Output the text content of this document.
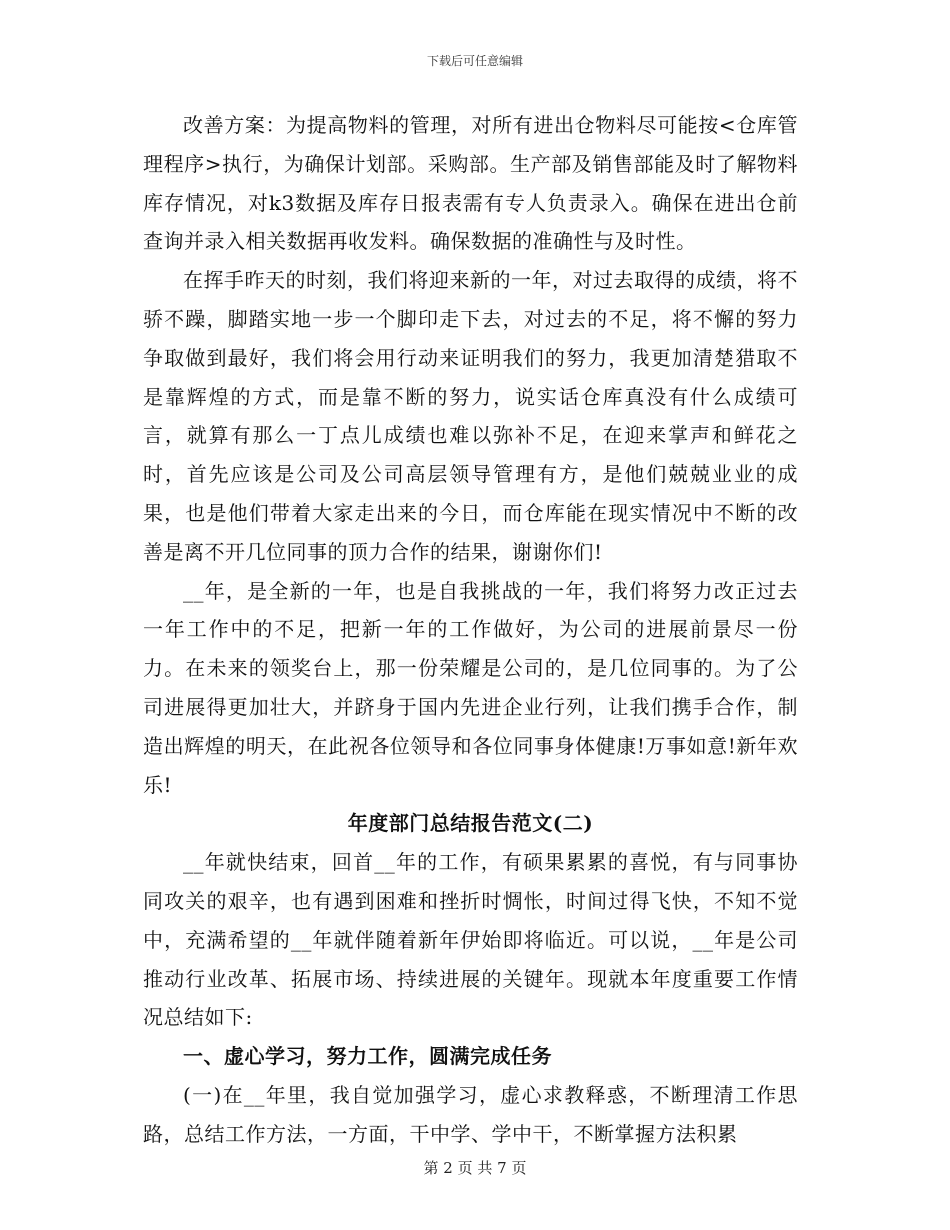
下载后可任意编辑

改善方案：为提高物料的管理，对所有进出仓物料尽可能按<仓库管理程序>执行，为确保计划部。采购部。生产部及销售部能及时了解物料库存情况，对k3数据及库存日报表需有专人负责录入。确保在进出仓前查询并录入相关数据再收发料。确保数据的准确性与及时性。

在挥手昨天的时刻，我们将迎来新的一年，对过去取得的成绩，将不骄不躁，脚踏实地一步一个脚印走下去，对过去的不足，将不懈的努力争取做到最好，我们将会用行动来证明我们的努力，我更加清楚猎取不是靠辉煌的方式，而是靠不断的努力，说实话仓库真没有什么成绩可言，就算有那么一丁点儿成绩也难以弥补不足，在迎来掌声和鲜花之时，首先应该是公司及公司高层领导管理有方，是他们兢兢业业的成果，也是他们带着大家走出来的今日，而仓库能在现实情况中不断的改善是离不开几位同事的顶力合作的结果，谢谢你们!

__年，是全新的一年，也是自我挑战的一年，我们将努力改正过去一年工作中的不足，把新一年的工作做好，为公司的进展前景尽一份力。在未来的领奖台上，那一份荣耀是公司的，是几位同事的。为了公司进展得更加壮大，并跻身于国内先进企业行列，让我们携手合作，制造出辉煌的明天，在此祝各位领导和各位同事身体健康!万事如意!新年欢乐!

年度部门总结报告范文(二)

__年就快结束，回首__年的工作，有硕果累累的喜悦，有与同事协同攻关的艰辛，也有遇到困难和挫折时惆怅，时间过得飞快，不知不觉中，充满希望的__年就伴随着新年伊始即将临近。可以说，__年是公司推动行业改革、拓展市场、持续进展的关键年。现就本年度重要工作情况总结如下:

一、虚心学习，努力工作，圆满完成任务

(一)在__年里，我自觉加强学习，虚心求教释惑，不断理清工作思路，总结工作方法，一方面，干中学、学中干，不断掌握方法积累

第 2 页 共 7 页
